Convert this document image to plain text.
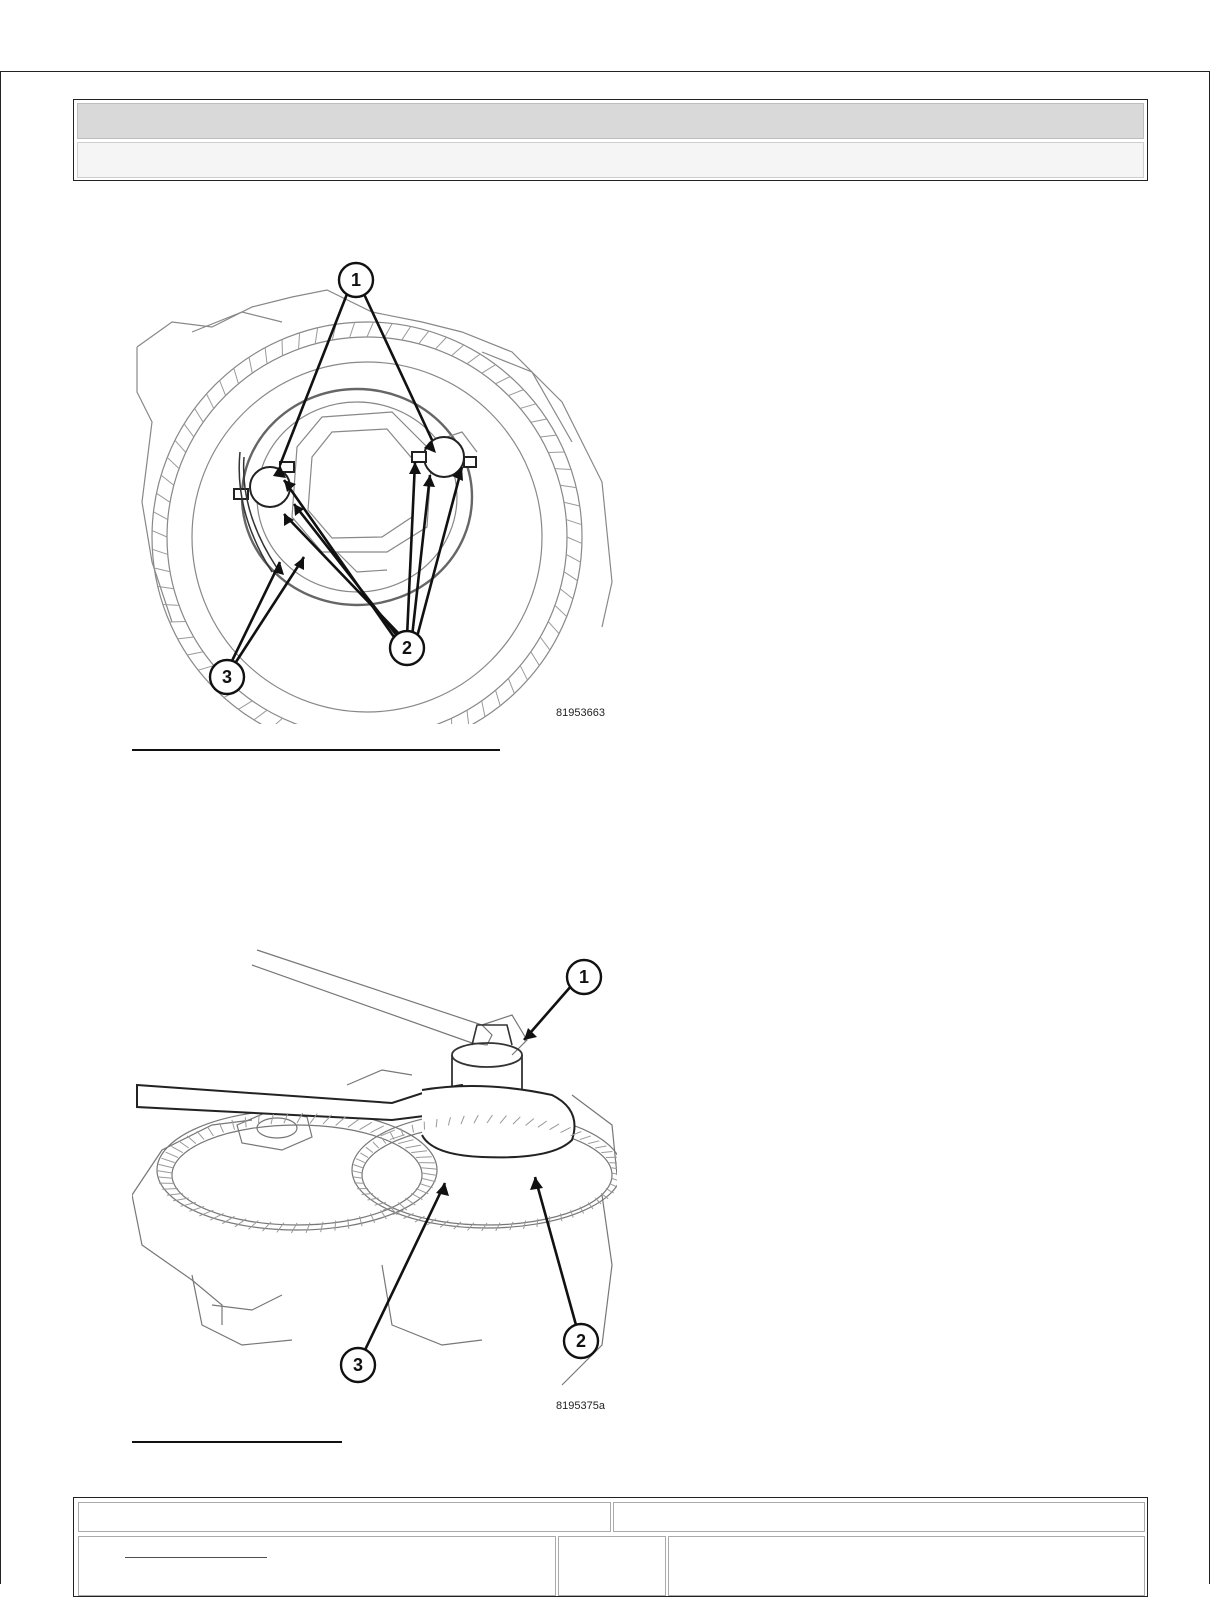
1
2
3
81953663
1
2
3
8195375a
